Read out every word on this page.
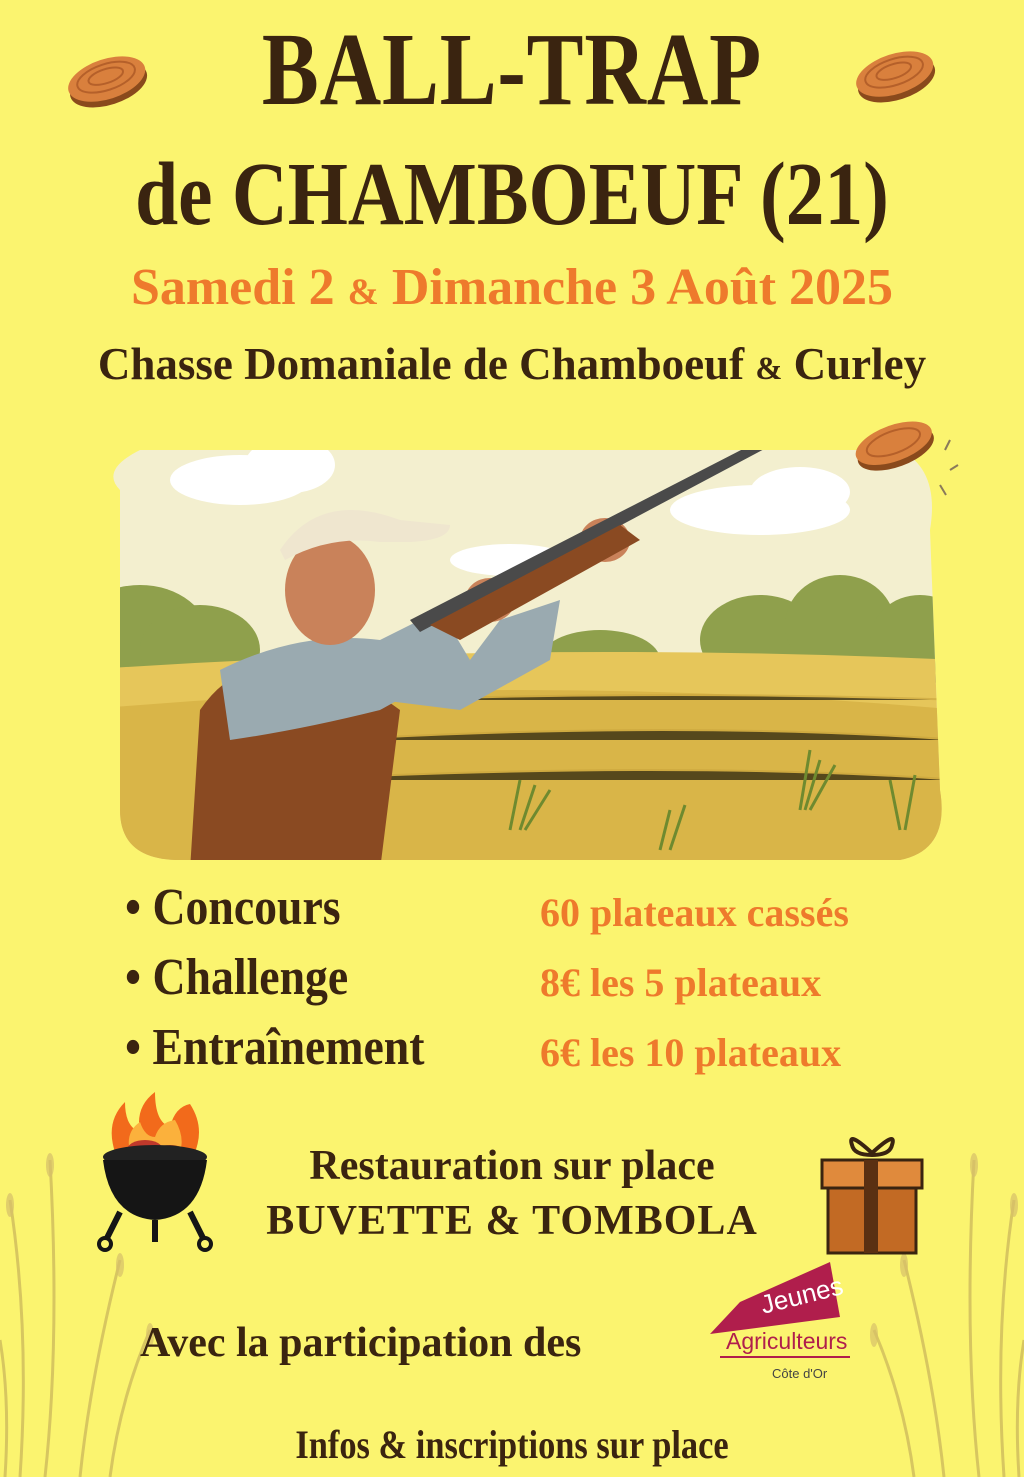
BALL-TRAP
de CHAMBOEUF (21)
Samedi 2 & Dimanche 3 Août 2025
Chasse Domaniale de Chamboeuf & Curley
• Concours	60 plateaux cassés
• Challenge	8€ les 5 plateaux
• Entraînement	6€ les 10 plateaux
Restauration sur place
BUVETTE & TOMBOLA
Avec la participation des
Jeunes
Agriculteurs
Côte d'Or
Infos & inscriptions sur place
